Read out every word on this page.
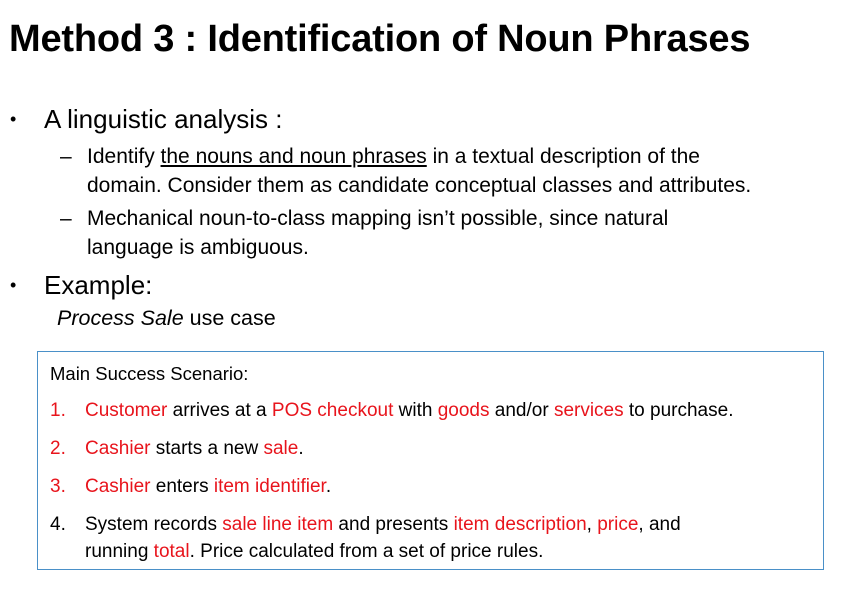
Method 3 : Identification of Noun Phrases
• A linguistic analysis :
– Identify the nouns and noun phrases in a textual description of the
domain. Consider them as candidate conceptual classes and attributes.
– Mechanical noun-to-class mapping isn’t possible, since natural
language is ambiguous.
• Example:
Process Sale use case
Main Success Scenario:
1. Customer arrives at a POS checkout with goods and/or services to purchase.
2. Cashier starts a new sale.
3. Cashier enters item identifier.
4. System records sale line item and presents item description, price, and
running total. Price calculated from a set of price rules.
